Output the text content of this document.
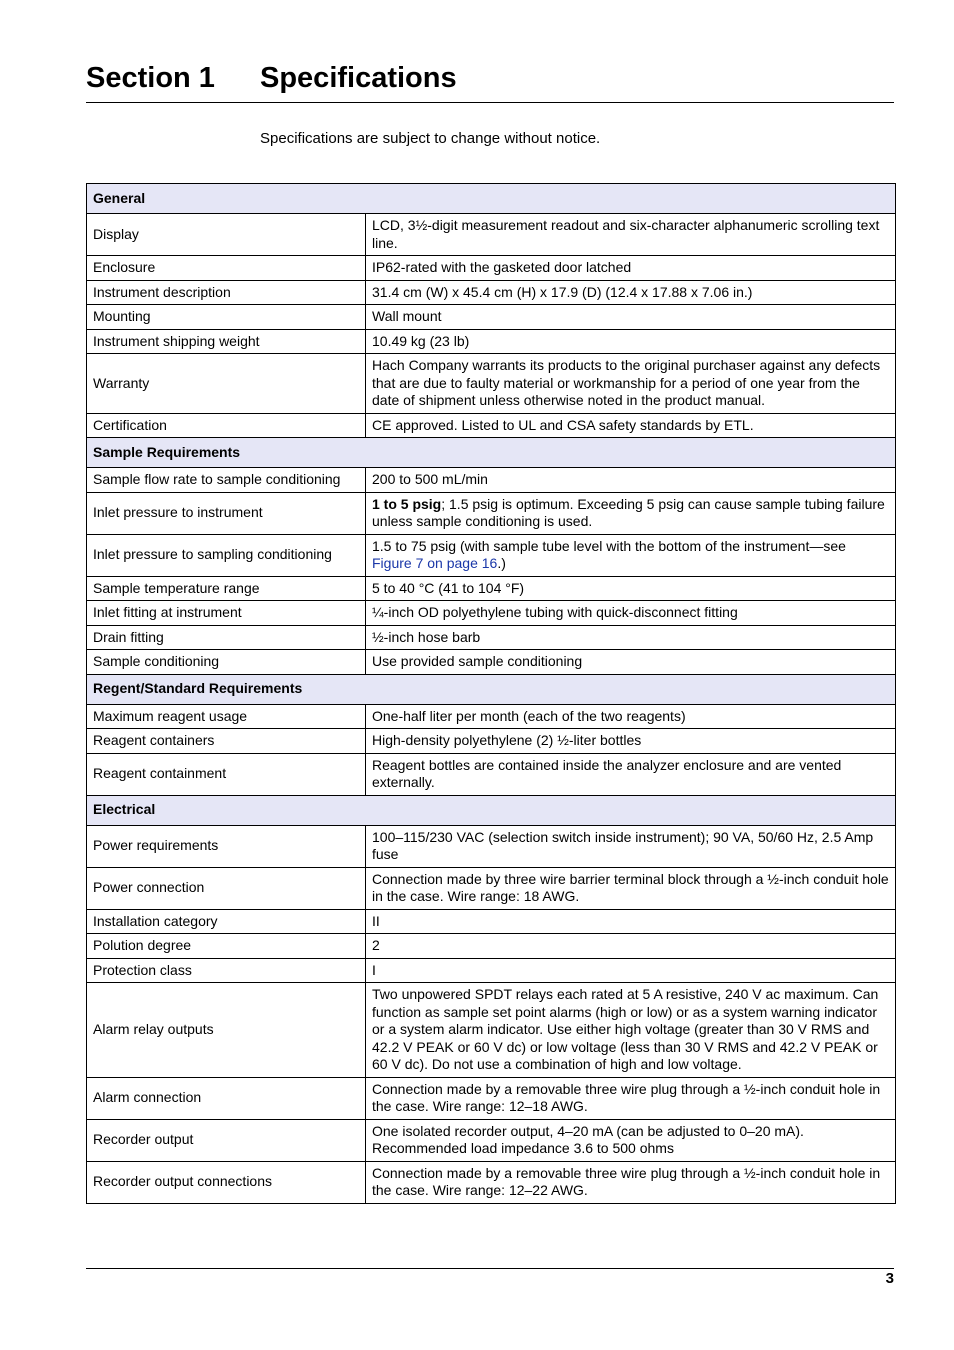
Section 1 Specifications
Specifications are subject to change without notice.
General	
Display	LCD, 3½-digit measurement readout and six-character alphanumeric scrolling text line.
Enclosure	IP62-rated with the gasketed door latched
Instrument description	31.4 cm (W) x 45.4 cm (H) x 17.9 (D) (12.4 x 17.88 x 7.06 in.)
Mounting	Wall mount
Instrument shipping weight	10.49 kg (23 lb)
Warranty	Hach Company warrants its products to the original purchaser against any defects that are due to faulty material or workmanship for a period of one year from the date of shipment unless otherwise noted in the product manual.
Certification	CE approved. Listed to UL and CSA safety standards by ETL.
Sample Requirements	
Sample flow rate to sample conditioning	200 to 500 mL/min
Inlet pressure to instrument	1 to 5 psig; 1.5 psig is optimum. Exceeding 5 psig can cause sample tubing failure unless sample conditioning is used.
Inlet pressure to sampling conditioning	1.5 to 75 psig (with sample tube level with the bottom of the instrument—see Figure 7 on page 16.)
Sample temperature range	5 to 40 °C (41 to 104 °F)
Inlet fitting at instrument	¼-inch OD polyethylene tubing with quick-disconnect fitting
Drain fitting	½-inch hose barb
Sample conditioning	Use provided sample conditioning
Regent/Standard Requirements	
Maximum reagent usage	One-half liter per month (each of the two reagents)
Reagent containers	High-density polyethylene (2) ½-liter bottles
Reagent containment	Reagent bottles are contained inside the analyzer enclosure and are vented externally.
Electrical	
Power requirements	100–115/230 VAC (selection switch inside instrument); 90 VA, 50/60 Hz, 2.5 Amp fuse
Power connection	Connection made by three wire barrier terminal block through a ½-inch conduit hole in the case. Wire range: 18 AWG.
Installation category	II
Polution degree	2
Protection class	I
Alarm relay outputs	Two unpowered SPDT relays each rated at 5 A resistive, 240 V ac maximum. Can function as sample set point alarms (high or low) or as a system warning indicator or a system alarm indicator. Use either high voltage (greater than 30 V RMS and 42.2 V PEAK or 60 V dc) or low voltage (less than 30 V RMS and 42.2 V PEAK or 60 V dc). Do not use a combination of high and low voltage.
Alarm connection	Connection made by a removable three wire plug through a ½-inch conduit hole in the case. Wire range: 12–18 AWG.
Recorder output	One isolated recorder output, 4–20 mA (can be adjusted to 0–20 mA). Recommended load impedance 3.6 to 500 ohms
Recorder output connections	Connection made by a removable three wire plug through a ½-inch conduit hole in the case. Wire range: 12–22 AWG.
3
